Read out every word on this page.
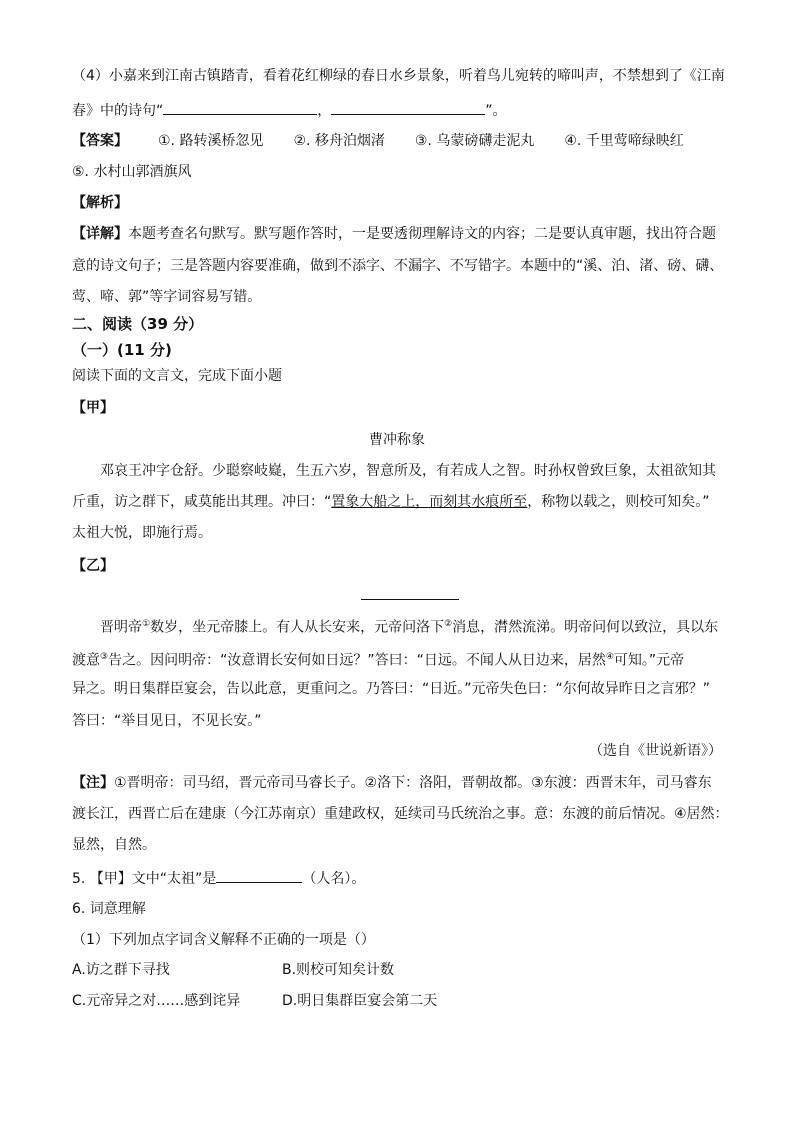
（4）小嘉来到江南古镇踏青，看着花红柳绿的春日水乡景象，听着鸟儿宛转的啼叫声，不禁想到了《江南
春》中的诗句“	，	”。
【答案】 ①. 路转溪桥忽见 ②. 移舟泊烟渚 ③. 乌蒙磅礴走泥丸 ④. 千里莺啼绿映红
⑤. 水村山郭酒旗风
【解析】
【详解】本题考查名句默写。默写题作答时，一是要透彻理解诗文的内容；二是要认真审题，找出符合题
意的诗文句子；三是答题内容要准确，做到不添字、不漏字、不写错字。本题中的“溪、泊、渚、磅、礴、
莺、啼、郭”等字词容易写错。
二、阅读（39 分）
（一）(11 分)
阅读下面的文言文，完成下面小题
【甲】
曹冲称象
邓哀王冲字仓舒。少聪察岐嶷，生五六岁，智意所及，有若成人之智。时孙权曾致巨象，太祖欲知其
斤重，访之群下，咸莫能出其理。冲曰：“置象大船之上，而刻其水痕所至，称物以载之，则校可知矣。”
太祖大悦，即施行焉。
【乙】
晋明帝①数岁，坐元帝膝上。有人从长安来，元帝问洛下②消息，潸然流涕。明帝问何以致泣，具以东
渡意③告之。因问明帝：“汝意谓长安何如日远？”答曰：“日远。不闻人从日边来，居然④可知。”元帝
异之。明日集群臣宴会，告以此意，更重问之。乃答曰：“日近。”元帝失色曰：“尔何故异昨日之言邪？”
答曰：“举目见日，不见长安。”
（选自《世说新语》）
【注】①晋明帝：司马绍，晋元帝司马睿长子。②洛下：洛阳，晋朝故都。③东渡：西晋末年，司马睿东
渡长江，西晋亡后在建康（今江苏南京）重建政权，延续司马氏统治之事。意：东渡的前后情况。④居然：
显然，自然。
5. 【甲】文中“太祖”是	（人名）。
6. 词意理解
（1）下列加点字词含义解释不正确的一项是（）
A.访之群下寻找	B.则校可知矣计数
C.元帝异之对……感到诧异	D.明日集群臣宴会第二天
